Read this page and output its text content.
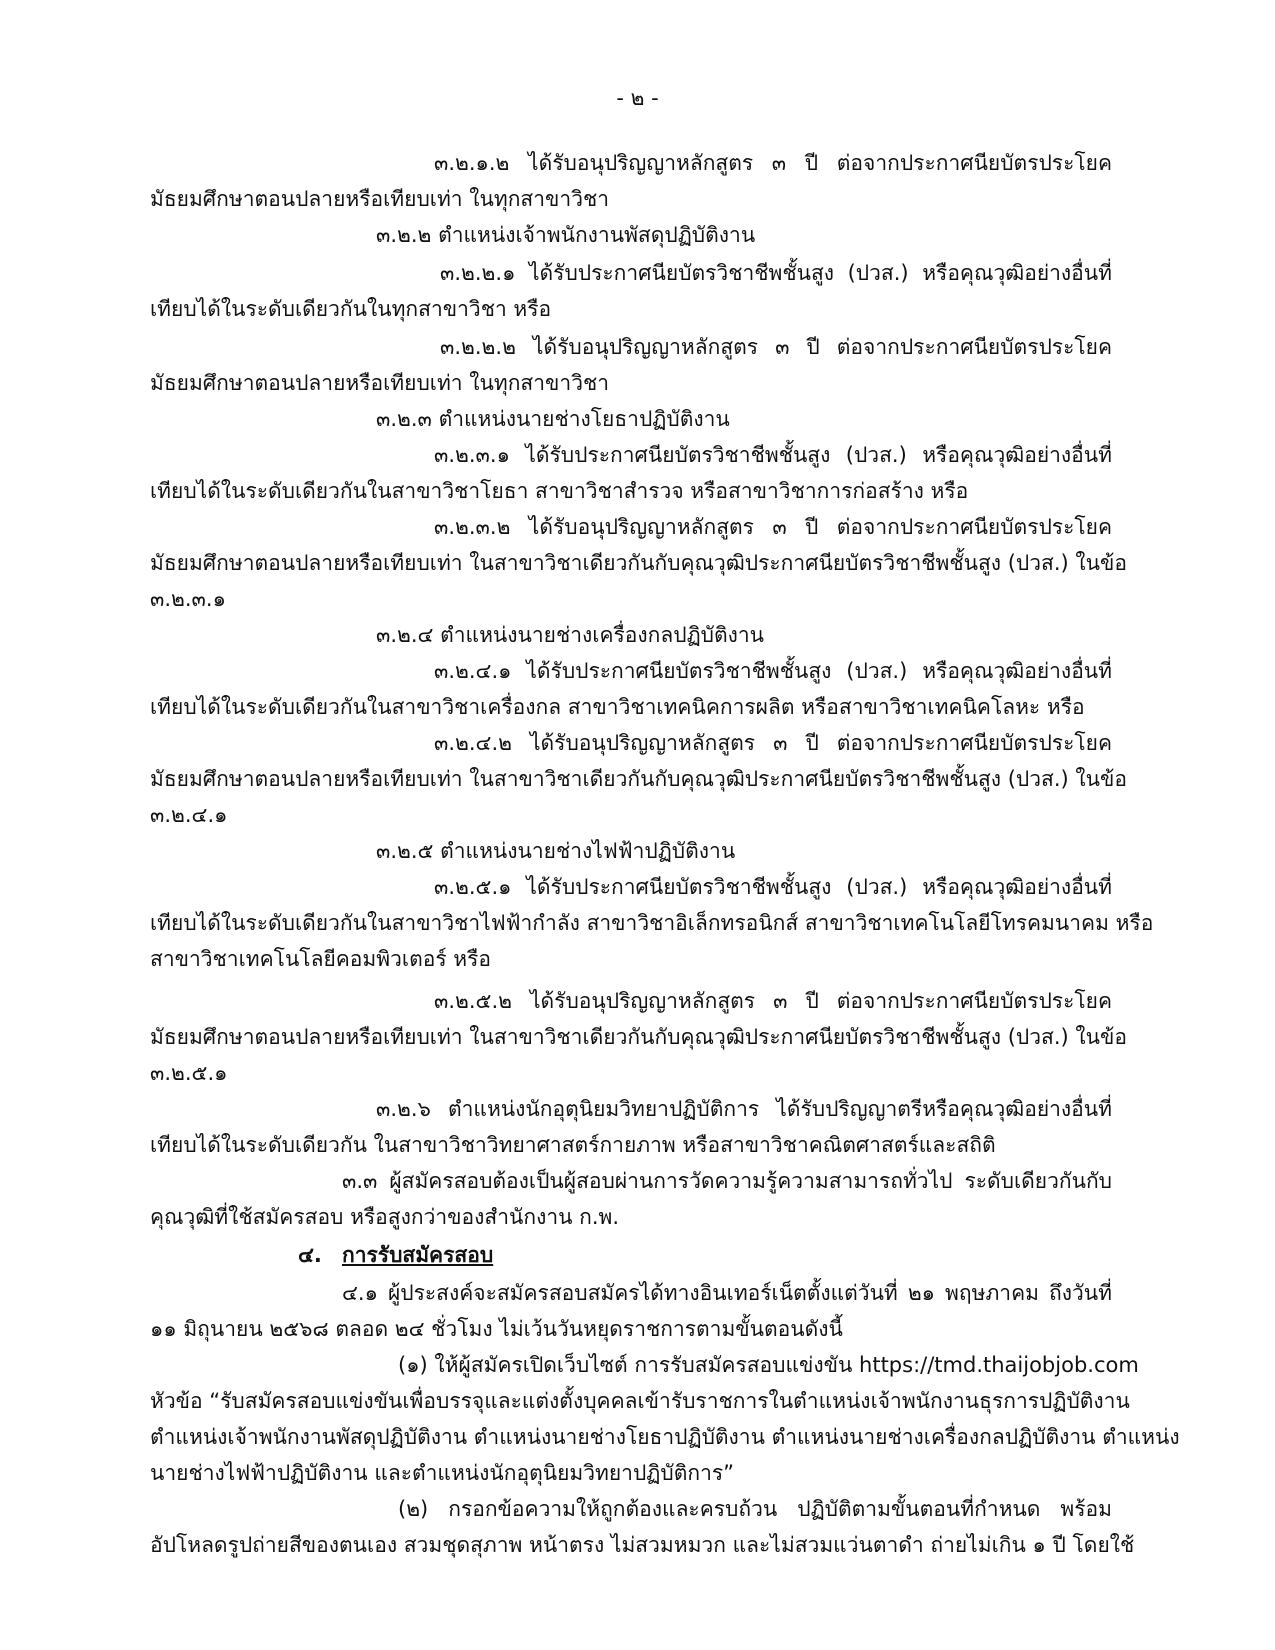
- ๒ -
๓.๒.๑.๒ ได้รับอนุปริญญาหลักสูตร ๓ ปี ต่อจากประกาศนียบัตรประโยค
มัธยมศึกษาตอนปลายหรือเทียบเท่า ในทุกสาขาวิชา
๓.๒.๒ ตำแหน่งเจ้าพนักงานพัสดุปฏิบัติงาน
๓.๒.๒.๑ ได้รับประกาศนียบัตรวิชาชีพชั้นสูง (ปวส.) หรือคุณวุฒิอย่างอื่นที่
เทียบได้ในระดับเดียวกันในทุกสาขาวิชา หรือ
๓.๒.๒.๒ ได้รับอนุปริญญาหลักสูตร ๓ ปี ต่อจากประกาศนียบัตรประโยค
มัธยมศึกษาตอนปลายหรือเทียบเท่า ในทุกสาขาวิชา
๓.๒.๓ ตำแหน่งนายช่างโยธาปฏิบัติงาน
๓.๒.๓.๑ ได้รับประกาศนียบัตรวิชาชีพชั้นสูง (ปวส.) หรือคุณวุฒิอย่างอื่นที่
เทียบได้ในระดับเดียวกันในสาขาวิชาโยธา สาขาวิชาสำรวจ หรือสาขาวิชาการก่อสร้าง หรือ
๓.๒.๓.๒ ได้รับอนุปริญญาหลักสูตร ๓ ปี ต่อจากประกาศนียบัตรประโยค
มัธยมศึกษาตอนปลายหรือเทียบเท่า ในสาขาวิชาเดียวกันกับคุณวุฒิประกาศนียบัตรวิชาชีพชั้นสูง (ปวส.) ในข้อ
๓.๒.๓.๑
๓.๒.๔ ตำแหน่งนายช่างเครื่องกลปฏิบัติงาน
๓.๒.๔.๑ ได้รับประกาศนียบัตรวิชาชีพชั้นสูง (ปวส.) หรือคุณวุฒิอย่างอื่นที่
เทียบได้ในระดับเดียวกันในสาขาวิชาเครื่องกล สาขาวิชาเทคนิคการผลิต หรือสาขาวิชาเทคนิคโลหะ หรือ
๓.๒.๔.๒ ได้รับอนุปริญญาหลักสูตร ๓ ปี ต่อจากประกาศนียบัตรประโยค
มัธยมศึกษาตอนปลายหรือเทียบเท่า ในสาขาวิชาเดียวกันกับคุณวุฒิประกาศนียบัตรวิชาชีพชั้นสูง (ปวส.) ในข้อ
๓.๒.๔.๑
๓.๒.๕ ตำแหน่งนายช่างไฟฟ้าปฏิบัติงาน
๓.๒.๕.๑ ได้รับประกาศนียบัตรวิชาชีพชั้นสูง (ปวส.) หรือคุณวุฒิอย่างอื่นที่
เทียบได้ในระดับเดียวกันในสาขาวิชาไฟฟ้ากำลัง สาขาวิชาอิเล็กทรอนิกส์ สาขาวิชาเทคโนโลยีโทรคมนาคม หรือ
สาขาวิชาเทคโนโลยีคอมพิวเตอร์ หรือ
๓.๒.๕.๒ ได้รับอนุปริญญาหลักสูตร ๓ ปี ต่อจากประกาศนียบัตรประโยค
มัธยมศึกษาตอนปลายหรือเทียบเท่า ในสาขาวิชาเดียวกันกับคุณวุฒิประกาศนียบัตรวิชาชีพชั้นสูง (ปวส.) ในข้อ
๓.๒.๕.๑
๓.๒.๖ ตำแหน่งนักอุตุนิยมวิทยาปฏิบัติการ ได้รับปริญญาตรีหรือคุณวุฒิอย่างอื่นที่
เทียบได้ในระดับเดียวกัน ในสาขาวิชาวิทยาศาสตร์กายภาพ หรือสาขาวิชาคณิตศาสตร์และสถิติ
๓.๓ ผู้สมัครสอบต้องเป็นผู้สอบผ่านการวัดความรู้ความสามารถทั่วไป ระดับเดียวกันกับ
คุณวุฒิที่ใช้สมัครสอบ หรือสูงกว่าของสำนักงาน ก.พ.
๔. การรับสมัครสอบ
๔.๑ ผู้ประสงค์จะสมัครสอบสมัครได้ทางอินเทอร์เน็ตตั้งแต่วันที่ ๒๑ พฤษภาคม ถึงวันที่
๑๑ มิถุนายน ๒๕๖๘ ตลอด ๒๔ ชั่วโมง ไม่เว้นวันหยุดราชการตามขั้นตอนดังนี้
(๑) ให้ผู้สมัครเปิดเว็บไซต์ การรับสมัครสอบแข่งขัน https://tmd.thaijobjob.com
หัวข้อ “รับสมัครสอบแข่งขันเพื่อบรรจุและแต่งตั้งบุคคลเข้ารับราชการในตำแหน่งเจ้าพนักงานธุรการปฏิบัติงาน
ตำแหน่งเจ้าพนักงานพัสดุปฏิบัติงาน ตำแหน่งนายช่างโยธาปฏิบัติงาน ตำแหน่งนายช่างเครื่องกลปฏิบัติงาน ตำแหน่ง
นายช่างไฟฟ้าปฏิบัติงาน และตำแหน่งนักอุตุนิยมวิทยาปฏิบัติการ”
(๒) กรอกข้อความให้ถูกต้องและครบถ้วน ปฏิบัติตามขั้นตอนที่กำหนด พร้อม
อัปโหลดรูปถ่ายสีของตนเอง สวมชุดสุภาพ หน้าตรง ไม่สวมหมวก และไม่สวมแว่นตาดำ ถ่ายไม่เกิน ๑ ปี โดยใช้
